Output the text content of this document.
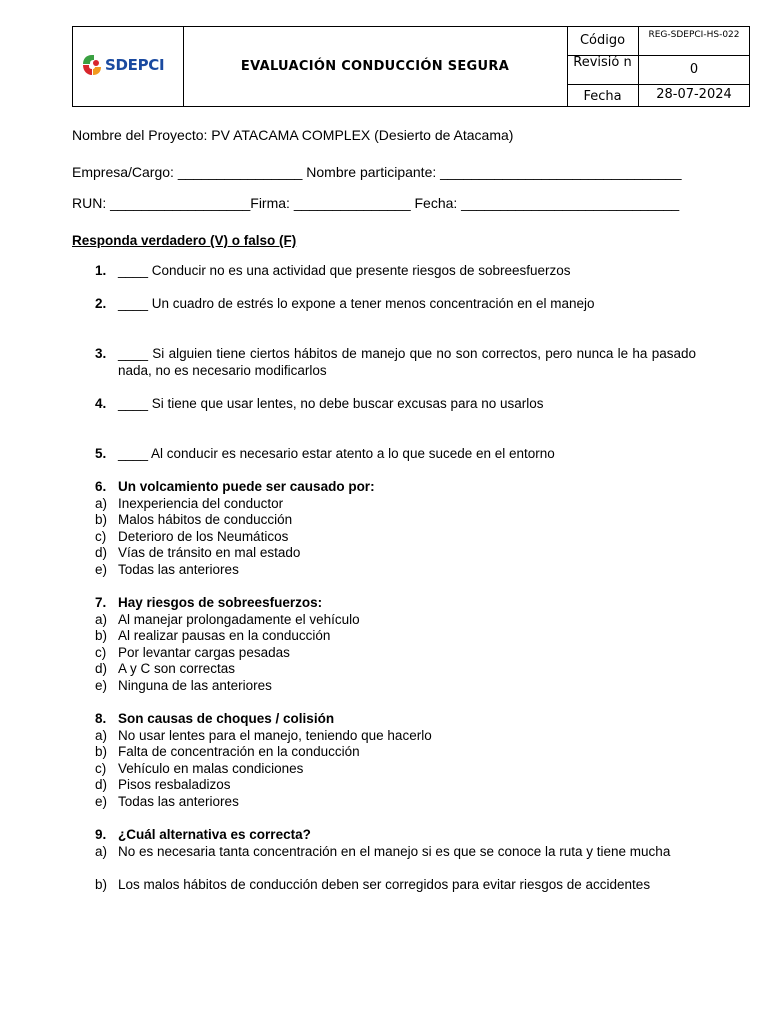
SDEPCI	EVALUACIÓN CONDUCCIÓN SEGURA
Código	REG-SDEPCI-HS-022
Revisió n	0
Fecha	28-07-2024
Nombre del Proyecto: PV ATACAMA COMPLEX (Desierto de Atacama)
Empresa/Cargo: ________________ Nombre participante: _______________________________
RUN: __________________Firma: _______________ Fecha: ____________________________
Responda verdadero (V) o falso (F)
1. ____ Conducir no es una actividad que presente riesgos de sobreesfuerzos
2. ____ Un cuadro de estrés lo expone a tener menos concentración en el manejo
3. ____ Si alguien tiene ciertos hábitos de manejo que no son correctos, pero nunca le ha pasado nada, no es necesario modificarlos
4. ____ Si tiene que usar lentes, no debe buscar excusas para no usarlos
5. ____ Al conducir es necesario estar atento a lo que sucede en el entorno
6. Un volcamiento puede ser causado por:
a) Inexperiencia del conductor
b) Malos hábitos de conducción
c) Deterioro de los Neumáticos
d) Vías de tránsito en mal estado
e) Todas las anteriores
7. Hay riesgos de sobreesfuerzos:
a) Al manejar prolongadamente el vehículo
b) Al realizar pausas en la conducción
c) Por levantar cargas pesadas
d) A y C son correctas
e) Ninguna de las anteriores
8. Son causas de choques / colisión
a) No usar lentes para el manejo, teniendo que hacerlo
b) Falta de concentración en la conducción
c) Vehículo en malas condiciones
d) Pisos resbaladizos
e) Todas las anteriores
9. ¿Cuál alternativa es correcta?
a) No es necesaria tanta concentración en el manejo si es que se conoce la ruta y tiene mucha
b) Los malos hábitos de conducción deben ser corregidos para evitar riesgos de accidentes
